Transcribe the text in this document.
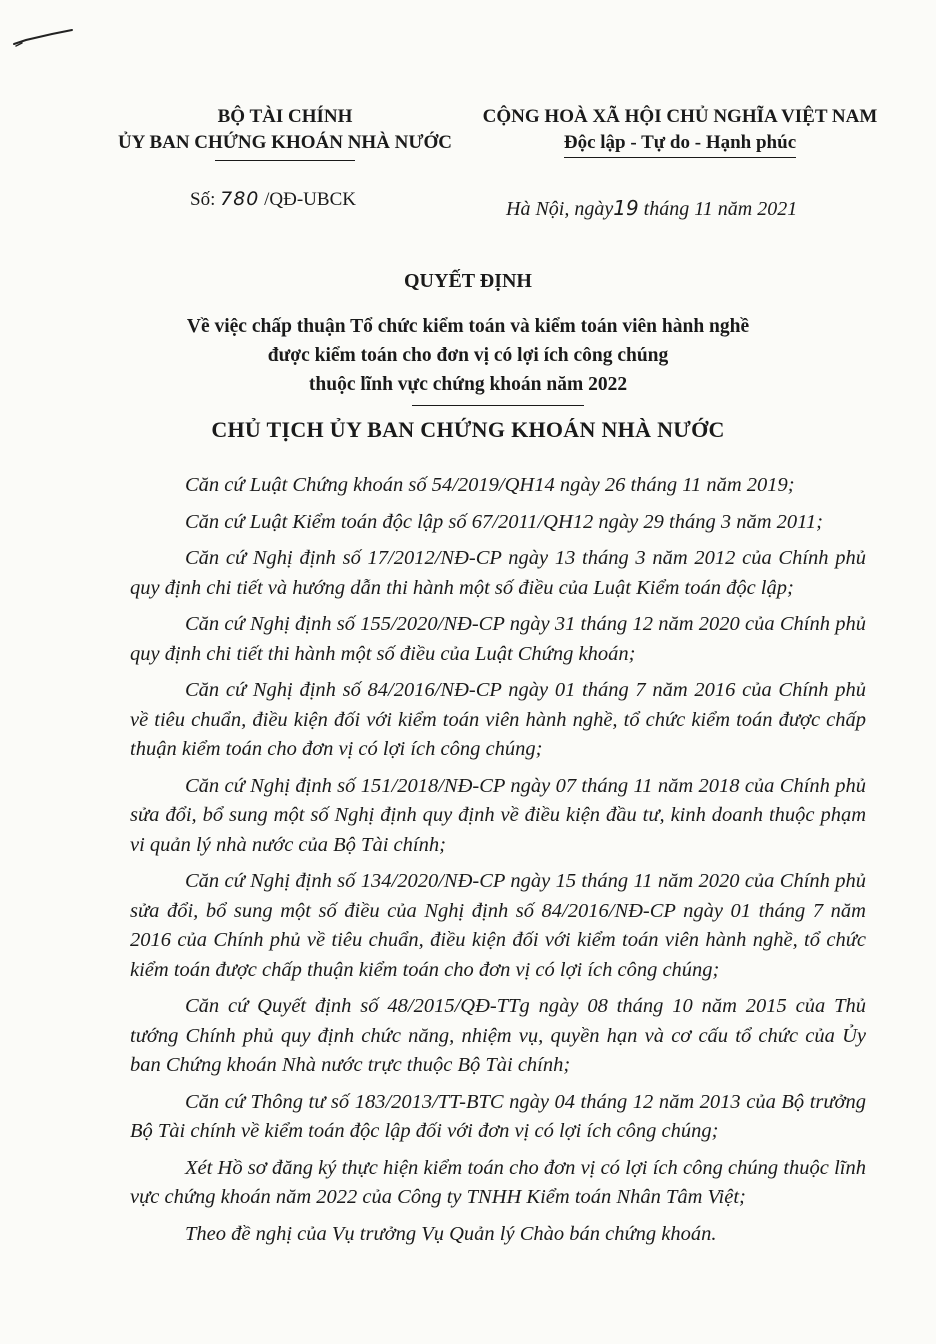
BỘ TÀI CHÍNH
ỦY BAN CHỨNG KHOÁN NHÀ NƯỚC
CỘNG HOÀ XÃ HỘI CHỦ NGHĨA VIỆT NAM
Độc lập - Tự do - Hạnh phúc
Số: 780 /QĐ-UBCK	Hà Nội, ngày19 tháng 11 năm 2021
QUYẾT ĐỊNH
Về việc chấp thuận Tổ chức kiểm toán và kiểm toán viên hành nghề
được kiểm toán cho đơn vị có lợi ích công chúng
thuộc lĩnh vực chứng khoán năm 2022
CHỦ TỊCH ỦY BAN CHỨNG KHOÁN NHÀ NƯỚC

Căn cứ Luật Chứng khoán số 54/2019/QH14 ngày 26 tháng 11 năm 2019;

Căn cứ Luật Kiểm toán độc lập số 67/2011/QH12 ngày 29 tháng 3 năm 2011;

Căn cứ Nghị định số 17/2012/NĐ-CP ngày 13 tháng 3 năm 2012 của Chính phủ quy định chi tiết và hướng dẫn thi hành một số điều của Luật Kiểm toán độc lập;

Căn cứ Nghị định số 155/2020/NĐ-CP ngày 31 tháng 12 năm 2020 của Chính phủ quy định chi tiết thi hành một số điều của Luật Chứng khoán;

Căn cứ Nghị định số 84/2016/NĐ-CP ngày 01 tháng 7 năm 2016 của Chính phủ về tiêu chuẩn, điều kiện đối với kiểm toán viên hành nghề, tổ chức kiểm toán được chấp thuận kiểm toán cho đơn vị có lợi ích công chúng;

Căn cứ Nghị định số 151/2018/NĐ-CP ngày 07 tháng 11 năm 2018 của Chính phủ sửa đổi, bổ sung một số Nghị định quy định về điều kiện đầu tư, kinh doanh thuộc phạm vi quản lý nhà nước của Bộ Tài chính;

Căn cứ Nghị định số 134/2020/NĐ-CP ngày 15 tháng 11 năm 2020 của Chính phủ sửa đổi, bổ sung một số điều của Nghị định số 84/2016/NĐ-CP ngày 01 tháng 7 năm 2016 của Chính phủ về tiêu chuẩn, điều kiện đối với kiểm toán viên hành nghề, tổ chức kiểm toán được chấp thuận kiểm toán cho đơn vị có lợi ích công chúng;

Căn cứ Quyết định số 48/2015/QĐ-TTg ngày 08 tháng 10 năm 2015 của Thủ tướng Chính phủ quy định chức năng, nhiệm vụ, quyền hạn và cơ cấu tổ chức của Ủy ban Chứng khoán Nhà nước trực thuộc Bộ Tài chính;

Căn cứ Thông tư số 183/2013/TT-BTC ngày 04 tháng 12 năm 2013 của Bộ trưởng Bộ Tài chính về kiểm toán độc lập đối với đơn vị có lợi ích công chúng;

Xét Hồ sơ đăng ký thực hiện kiểm toán cho đơn vị có lợi ích công chúng thuộc lĩnh vực chứng khoán năm 2022 của Công ty TNHH Kiểm toán Nhân Tâm Việt;

Theo đề nghị của Vụ trưởng Vụ Quản lý Chào bán chứng khoán.
